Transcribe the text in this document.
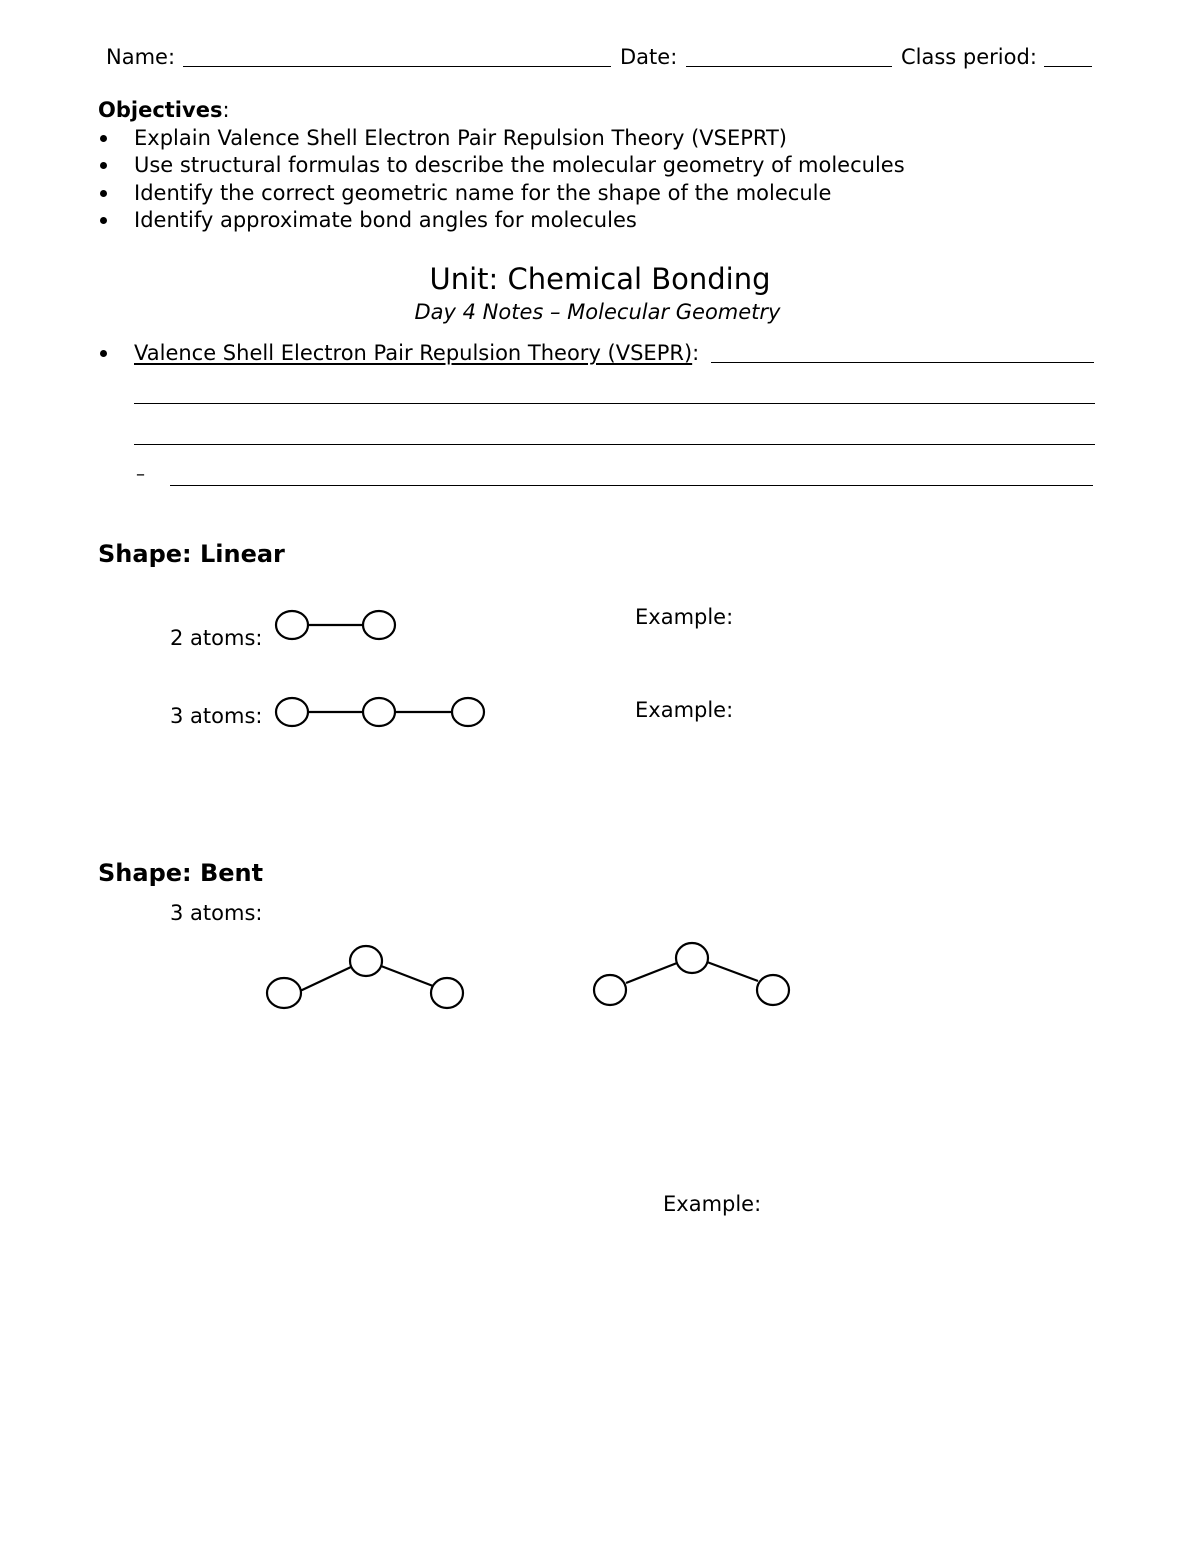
Name:	Date:	Class period:
Objectives:
Explain Valence Shell Electron Pair Repulsion Theory (VSEPRT)
Use structural formulas to describe the molecular geometry of molecules
Identify the correct geometric name for the shape of the molecule
Identify approximate bond angles for molecules
Unit: Chemical Bonding
Day 4 Notes – Molecular Geometry
Valence Shell Electron Pair Repulsion Theory (VSEPR):
–
Shape: Linear
2 atoms:
Example:
3 atoms:	Example:
Shape: Bent
3 atoms:
Example:
